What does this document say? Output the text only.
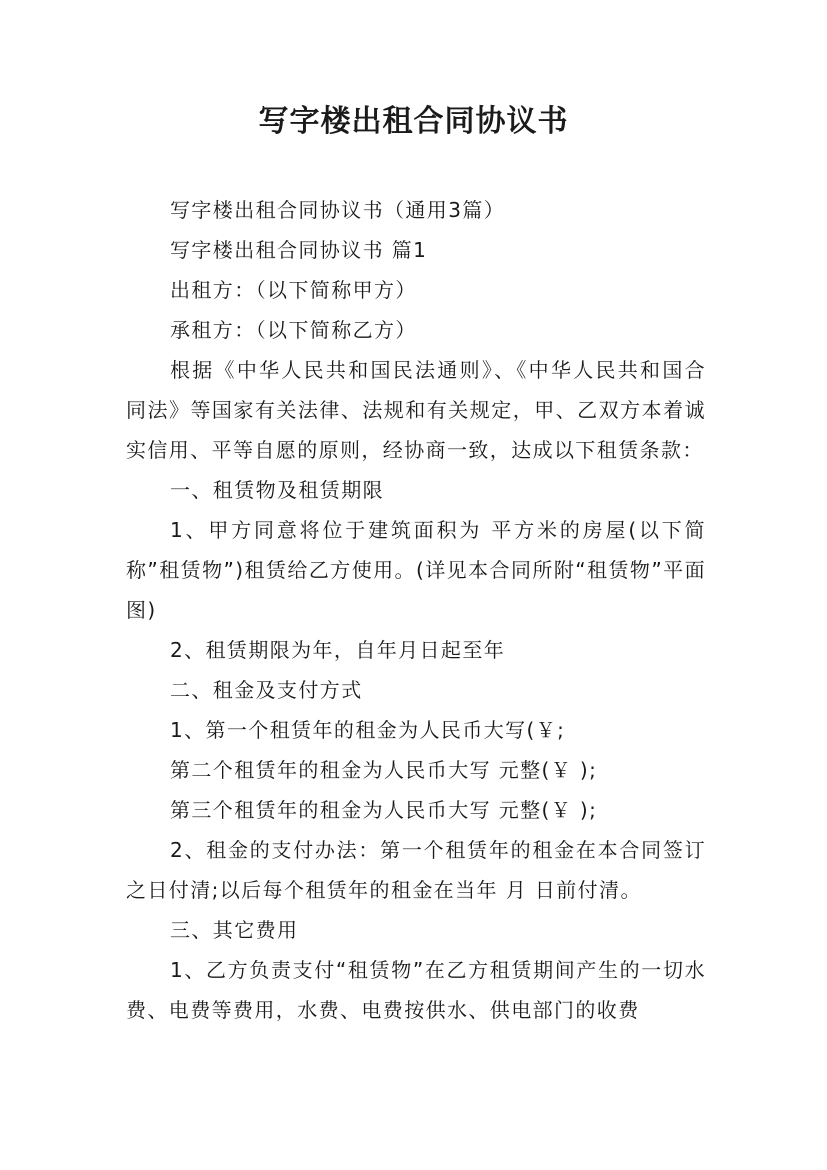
写字楼出租合同协议书

写字楼出租合同协议书（通用3篇）

写字楼出租合同协议书 篇1

出租方：（以下简称甲方）

承租方：（以下简称乙方）

根据《中华人民共和国民法通则》、《中华人民共和国合同法》等国家有关法律、法规和有关规定，甲、乙双方本着诚实信用、平等自愿的原则，经协商一致，达成以下租赁条款：

一、租赁物及租赁期限

1、甲方同意将位于建筑面积为 平方米的房屋(以下简称”租赁物”)租赁给乙方使用。(详见本合同所附“租赁物”平面图)

2、租赁期限为年，自年月日起至年

二、租金及支付方式

1、第一个租赁年的租金为人民币大写(￥;

第二个租赁年的租金为人民币大写 元整(￥ );

第三个租赁年的租金为人民币大写 元整(￥ );

2、租金的支付办法：第一个租赁年的租金在本合同签订之日付清;以后每个租赁年的租金在当年 月 日前付清。

三、其它费用

1、乙方负责支付“租赁物”在乙方租赁期间产生的一切水费、电费等费用，水费、电费按供水、供电部门的收费
